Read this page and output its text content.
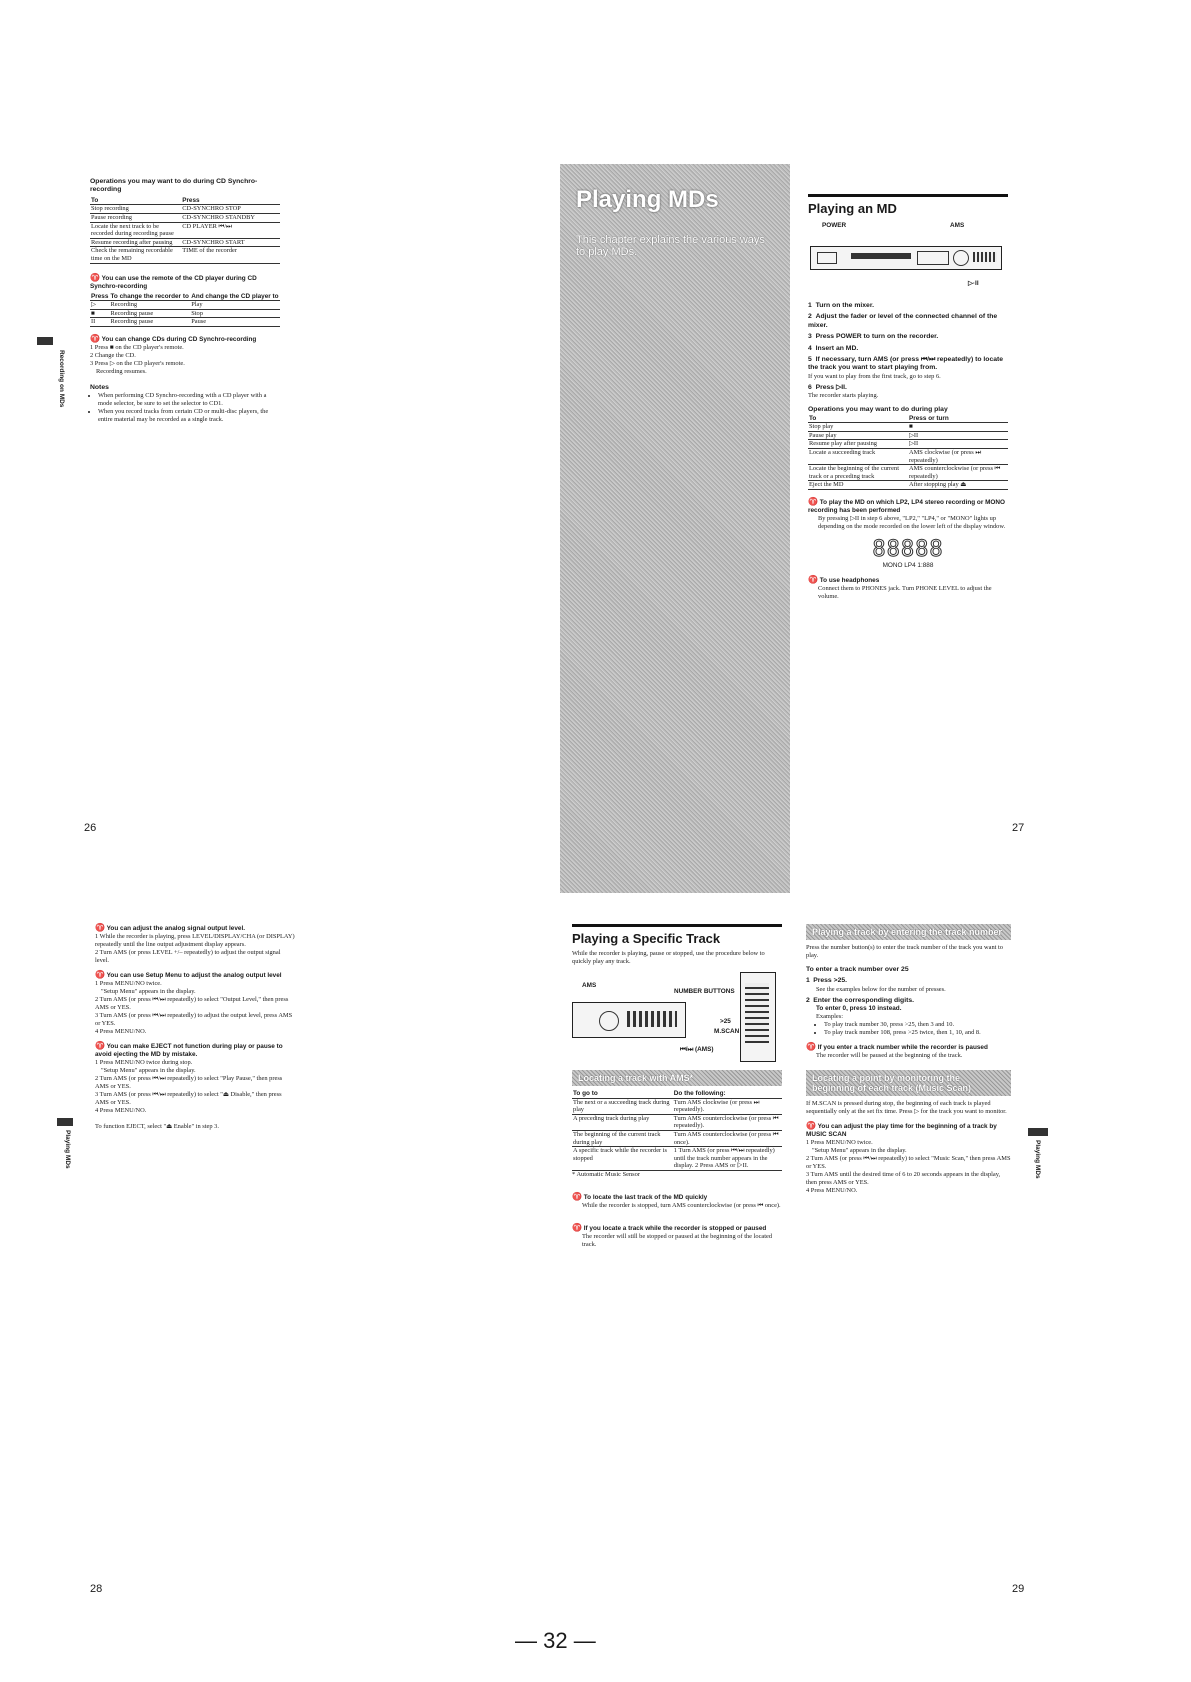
Operations you may want to do during CD Synchro-recording
To	Press
Stop recording	CD-SYNCHRO STOP
Pause recording	CD-SYNCHRO STANDBY
Locate the next track to be recorded during recording pause	CD PLAYER ⏮/⏭
Resume recording after pausing	CD-SYNCHRO START
Check the remaining recordable time on the MD	TIME of the recorder
♈ You can use the remote of the CD player during CD Synchro-recording
Press	To change the recorder to	And change the CD player to
▷	Recording	Play
■	Recording pause	Stop
II	Recording pause	Pause
♈ You can change CDs during CD Synchro-recording
1 Press ■ on the CD player's remote.
2 Change the CD.
3 Press ▷ on the CD player's remote.
Recording resumes.
Notes
• When performing CD Synchro-recording with a CD player with a mode selector, be sure to set the selector to CD1.
• When you record tracks from certain CD or multi-disc players, the entire material may be recorded as a single track.
Recording on MDs
26
Playing MDs
This chapter explains the various ways to play MDs.
Playing an MD
POWER	AMS
▷·II
1 Turn on the mixer.
2 Adjust the fader or level of the connected channel of the mixer.
3 Press POWER to turn on the recorder.
4 Insert an MD.
5 If necessary, turn AMS (or press ⏮/⏭ repeatedly) to locate the track you want to start playing from.
If you want to play from the first track, go to step 6.
6 Press ▷II.
The recorder starts playing.
Operations you may want to do during play
To	Press or turn
Stop play	■
Pause play	▷II
Resume play after pausing	▷II
Locate a succeeding track	AMS clockwise (or press ⏭ repeatedly)
Locate the beginning of the current track or a preceding track	AMS counterclockwise (or press ⏮ repeatedly)
Eject the MD	After stopping play ⏏
♈ To play the MD on which LP2, LP4 stereo recording or MONO recording has been performed
By pressing ▷II in step 6 above, "LP2," "LP4," or "MONO" lights up depending on the mode recorded on the lower left of the display window.
88888
MONO LP4 1:888
♈ To use headphones
Connect them to PHONES jack. Turn PHONE LEVEL to adjust the volume.
27
♈ You can adjust the analog signal output level.
1 While the recorder is playing, press LEVEL/DISPLAY/CHA (or DISPLAY) repeatedly until the line output adjustment display appears.
2 Turn AMS (or press LEVEL +/– repeatedly) to adjust the output signal level.
♈ You can use Setup Menu to adjust the analog output level
1 Press MENU/NO twice.
"Setup Menu" appears in the display.
2 Turn AMS (or press ⏮/⏭ repeatedly) to select "Output Level," then press AMS or YES.
3 Turn AMS (or press ⏮/⏭ repeatedly) to adjust the output level, press AMS or YES.
4 Press MENU/NO.
♈ You can make EJECT not function during play or pause to avoid ejecting the MD by mistake.
1 Press MENU/NO twice during stop.
"Setup Menu" appears in the display.
2 Turn AMS (or press ⏮/⏭ repeatedly) to select "Play Pause," then press AMS or YES.
3 Turn AMS (or press ⏮/⏭ repeatedly) to select "⏏ Disable," then press AMS or YES.
4 Press MENU/NO.
To function EJECT, select "⏏ Enable" in step 3.
Playing MDs
28
Playing a Specific Track
While the recorder is playing, pause or stopped, use the procedure below to quickly play any track.
AMS
NUMBER BUTTONS
>25
M.SCAN
⏮/⏭ (AMS)
Locating a track with AMS*
To go to	Do the following:
The next or a succeeding track during play	Turn AMS clockwise (or press ⏭ repeatedly).
A preceding track during play	Turn AMS counterclockwise (or press ⏮ repeatedly).
The beginning of the current track during play	Turn AMS counterclockwise (or press ⏮ once).
A specific track while the recorder is stopped	1 Turn AMS (or press ⏮/⏭ repeatedly) until the track number appears in the display. 2 Press AMS or ▷II.
* Automatic Music Sensor
♈ To locate the last track of the MD quickly
While the recorder is stopped, turn AMS counterclockwise (or press ⏮ once).
♈ If you locate a track while the recorder is stopped or paused
The recorder will still be stopped or paused at the beginning of the located track.
Playing a track by entering the track number
Press the number button(s) to enter the track number of the track you want to play.
To enter a track number over 25
1 Press >25.
See the examples below for the number of presses.
2 Enter the corresponding digits.
To enter 0, press 10 instead.
Examples:
• To play track number 30, press >25, then 3 and 10.
• To play track number 108, press >25 twice, then 1, 10, and 8.
♈ If you enter a track number while the recorder is paused
The recorder will be paused at the beginning of the track.
Locating a point by monitoring the beginning of each track (Music Scan)
If M.SCAN is pressed during stop, the beginning of each track is played sequentially only at the set fix time. Press ▷ for the track you want to monitor.
♈ You can adjust the play time for the beginning of a track by MUSIC SCAN
1 Press MENU/NO twice.
"Setup Menu" appears in the display.
2 Turn AMS (or press ⏮/⏭ repeatedly) to select "Music Scan," then press AMS or YES.
3 Turn AMS until the desired time of 6 to 20 seconds appears in the display, then press AMS or YES.
4 Press MENU/NO.
Playing MDs
29
— 32 —
